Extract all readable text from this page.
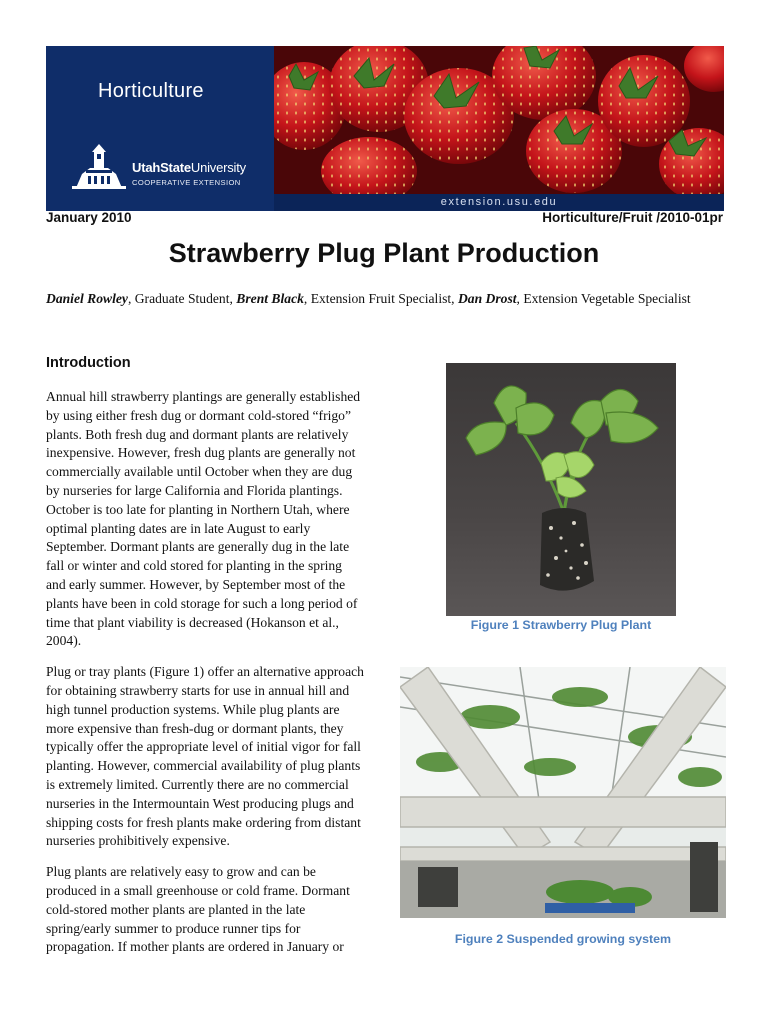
Horticulture
UtahStateUniversity
COOPERATIVE EXTENSION
extension.usu.edu
January 2010	Horticulture/Fruit /2010-01pr
Strawberry Plug Plant Production
Daniel Rowley, Graduate Student, Brent Black, Extension Fruit Specialist, Dan Drost, Extension Vegetable Specialist
Introduction

Annual hill strawberry plantings are generally established by using either fresh dug or dormant cold-stored “frigo” plants. Both fresh dug and dormant plants are relatively inexpensive. However, fresh dug plants are generally not commercially available until October when they are dug by nurseries for large California and Florida plantings. October is too late for planting in Northern Utah, where optimal planting dates are in late August to early September. Dormant plants are generally dug in the late fall or winter and cold stored for planting in the spring and early summer. However, by September most of the plants have been in cold storage for such a long period of time that plant viability is decreased (Hokanson et al., 2004).

Plug or tray plants (Figure 1) offer an alternative approach for obtaining strawberry starts for use in annual hill and high tunnel production systems. While plug plants are more expensive than fresh-dug or dormant plants, they typically offer the appropriate level of initial vigor for fall planting. However, commercial availability of plug plants is extremely limited. Currently there are no commercial nurseries in the Intermountain West producing plugs and shipping costs for fresh plants make ordering from distant nurseries prohibitively expensive.

Plug plants are relatively easy to grow and can be produced in a small greenhouse or cold frame. Dormant cold-stored mother plants are planted in the late spring/early summer to produce runner tips for propagation. If mother plants are ordered in January or

Figure 1 Strawberry Plug Plant
Figure 2 Suspended growing system
